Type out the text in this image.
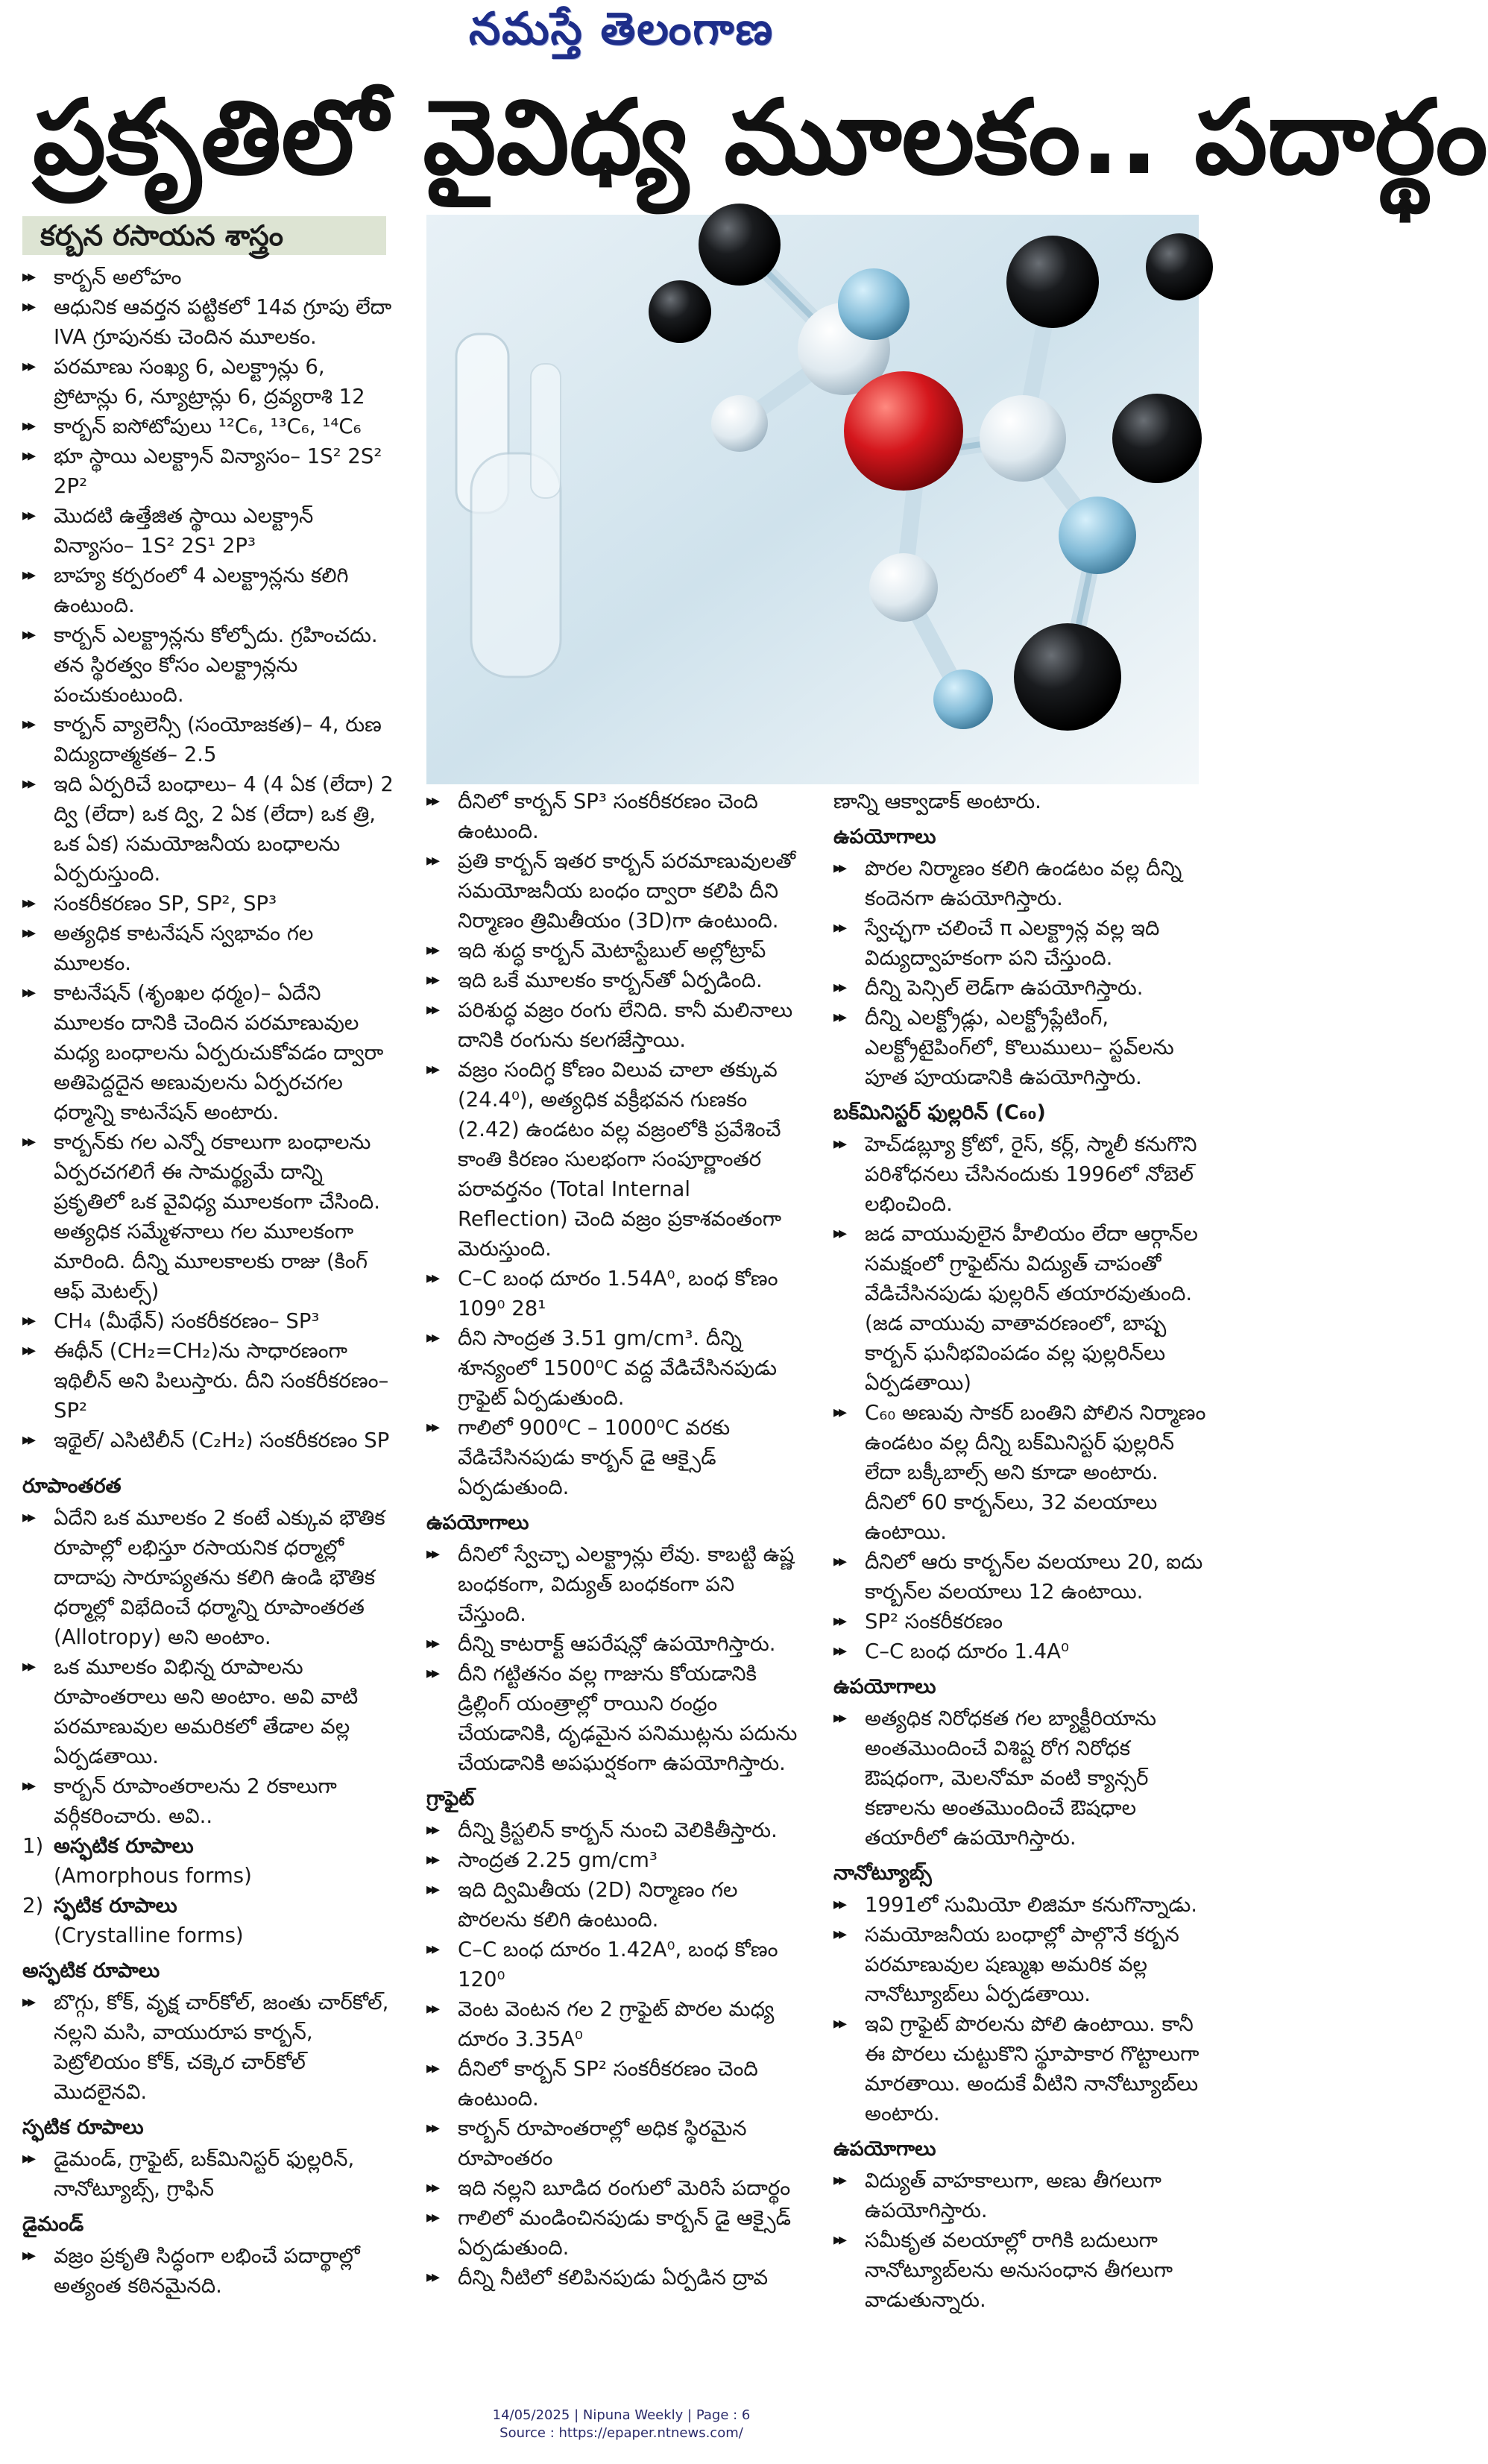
నమస్తే తెలంగాణ
ప్రకృతిలో వైవిధ్య మూలకం.. పదార్థం
కర్బన రసాయన శాస్త్రం
▸▸ కార్బన్ అలోహం
▸▸ ఆధునిక ఆవర్తన పట్టికలో 14వ గ్రూపు లేదా IVA గ్రూపునకు చెందిన మూలకం.
▸▸ పరమాణు సంఖ్య 6, ఎలక్ట్రాన్లు 6, ప్రోటాన్లు 6, న్యూట్రాన్లు 6, ద్రవ్యరాశి 12
▸▸ కార్బన్ ఐసోటోపులు ¹²C₆, ¹³C₆, ¹⁴C₆
▸▸ భూ స్థాయి ఎలక్ట్రాన్ విన్యాసం– 1S² 2S² 2P²
▸▸ మొదటి ఉత్తేజిత స్థాయి ఎలక్ట్రాన్ విన్యాసం– 1S² 2S¹ 2P³
▸▸ బాహ్య కర్పరంలో 4 ఎలక్ట్రాన్లను కలిగి ఉంటుంది.
▸▸ కార్బన్ ఎలక్ట్రాన్లను కోల్పోదు. గ్రహించదు. తన స్థిరత్వం కోసం ఎలక్ట్రాన్లను పంచుకుంటుంది.
▸▸ కార్బన్ వ్యాలెన్సీ (సంయోజకత)– 4, రుణ విద్యుదాత్మకత– 2.5
▸▸ ఇది ఏర్పరిచే బంధాలు– 4 (4 ఏక (లేదా) 2 ద్వి (లేదా) ఒక ద్వి, 2 ఏక (లేదా) ఒక త్రి, ఒక ఏక) సమయోజనీయ బంధాలను ఏర్పరుస్తుంది.
▸▸ సంకరీకరణం SP, SP², SP³
▸▸ అత్యధిక కాటనేషన్ స్వభావం గల మూలకం.
▸▸ కాటనేషన్ (శృంఖల ధర్మం)– ఏదేని మూలకం దానికి చెందిన పరమాణువుల మధ్య బంధాలను ఏర్పరుచుకోవడం ద్వారా అతిపెద్దదైన అణువులను ఏర్పరచగల ధర్మాన్ని కాటనేషన్ అంటారు.
▸▸ కార్బన్‌కు గల ఎన్నో రకాలుగా బంధాలను ఏర్పరచగలిగే ఈ సామర్థ్యమే దాన్ని ప్రకృతిలో ఒక వైవిధ్య మూలకంగా చేసింది. అత్యధిక సమ్మేళనాలు గల మూలకంగా మారింది. దీన్ని మూలకాలకు రాజు (కింగ్ ఆఫ్ మెటల్స్)
▸▸ CH₄ (మీథేన్) సంకరీకరణం– SP³
▸▸ ఈథీన్ (CH₂=CH₂)ను సాధారణంగా ఇథిలీన్ అని పిలుస్తారు. దీని సంకరీకరణం– SP²
▸▸ ఇథైల్/ ఎసిటిలీన్ (C₂H₂) సంకరీకరణం SP
రూపాంతరత
▸▸ ఏదేని ఒక మూలకం 2 కంటే ఎక్కువ భౌతిక రూపాల్లో లభిస్తూ రసాయనిక ధర్మాల్లో దాదాపు సారూప్యతను కలిగి ఉండి భౌతిక ధర్మాల్లో విభేదించే ధర్మాన్ని రూపాంతరత (Allotropy) అని అంటాం.
▸▸ ఒక మూలకం విభిన్న రూపాలను రూపాంతరాలు అని అంటాం. అవి వాటి పరమాణువుల అమరికలో తేడాల వల్ల ఏర్పడతాయి.
▸▸ కార్బన్ రూపాంతరాలను 2 రకాలుగా వర్గీకరించారు. అవి..
1) అస్ఫటిక రూపాలు
(Amorphous forms)
2) స్ఫటిక రూపాలు
(Crystalline forms)
అస్ఫటిక రూపాలు
▸▸ బొగ్గు, కోక్, వృక్ష చార్‌కోల్, జంతు చార్‌కోల్, నల్లని మసి, వాయురూప కార్బన్, పెట్రోలియం కోక్, చక్కెర చార్‌కోల్ మొదలైనవి.
స్ఫటిక రూపాలు
▸▸ డైమండ్, గ్రాఫైట్, బక్‌మినిస్టర్ ఫుల్లరిన్, నానోట్యూబ్స్, గ్రాఫిన్
డైమండ్
▸▸ వజ్రం ప్రకృతి సిద్ధంగా లభించే పదార్థాల్లో అత్యంత కఠినమైనది.
▸▸ దీనిలో కార్బన్ SP³ సంకరీకరణం చెంది ఉంటుంది.
▸▸ ప్రతి కార్బన్ ఇతర కార్బన్ పరమాణువులతో సమయోజనీయ బంధం ద్వారా కలిపి దీని నిర్మాణం త్రిమితీయం (3D)గా ఉంటుంది.
▸▸ ఇది శుద్ధ కార్బన్ మెటాస్టేబుల్ అల్లోట్రాప్
▸▸ ఇది ఒకే మూలకం కార్బన్‌తో ఏర్పడింది.
▸▸ పరిశుద్ధ వజ్రం రంగు లేనిది. కానీ మలినాలు దానికి రంగును కలగజేస్తాయి.
▸▸ వజ్రం సందిగ్ధ కోణం విలువ చాలా తక్కువ (24.4⁰), అత్యధిక వక్రీభవన గుణకం (2.42) ఉండటం వల్ల వజ్రంలోకి ప్రవేశించే కాంతి కిరణం సులభంగా సంపూర్ణాంతర పరావర్తనం (Total Internal Reflection) చెంది వజ్రం ప్రకాశవంతంగా మెరుస్తుంది.
▸▸ C–C బంధ దూరం 1.54A⁰, బంధ కోణం 109⁰ 28¹
▸▸ దీని సాంద్రత 3.51 gm/cm³. దీన్ని శూన్యంలో 1500⁰C వద్ద వేడిచేసినపుడు గ్రాఫైట్ ఏర్పడుతుంది.
▸▸ గాలిలో 900⁰C – 1000⁰C వరకు వేడిచేసినపుడు కార్బన్ డై ఆక్సైడ్ ఏర్పడుతుంది.
ఉపయోగాలు
▸▸ దీనిలో స్వేచ్ఛా ఎలక్ట్రాన్లు లేవు. కాబట్టి ఉష్ణ బంధకంగా, విద్యుత్ బంధకంగా పని చేస్తుంది.
▸▸ దీన్ని కాటరాక్ట్ ఆపరేషన్లో ఉపయోగిస్తారు.
▸▸ దీని గట్టితనం వల్ల గాజును కోయడానికి డ్రిల్లింగ్ యంత్రాల్లో రాయిని రంధ్రం చేయడానికి, దృఢమైన పనిముట్లను పదును చేయడానికి అపఘర్షకంగా ఉపయోగిస్తారు.
గ్రాఫైట్
▸▸ దీన్ని క్రిస్టలిన్ కార్బన్ నుంచి వెలికితీస్తారు.
▸▸ సాంద్రత 2.25 gm/cm³
▸▸ ఇది ద్విమితీయ (2D) నిర్మాణం గల పొరలను కలిగి ఉంటుంది.
▸▸ C–C బంధ దూరం 1.42A⁰, బంధ కోణం 120⁰
▸▸ వెంట వెంటన గల 2 గ్రాఫైట్ పొరల మధ్య దూరం 3.35A⁰
▸▸ దీనిలో కార్బన్ SP² సంకరీకరణం చెంది ఉంటుంది.
▸▸ కార్బన్ రూపాంతరాల్లో అధిక స్థిరమైన రూపాంతరం
▸▸ ఇది నల్లని బూడిద రంగులో మెరిసే పదార్థం
▸▸ గాలిలో మండించినపుడు కార్బన్ డై ఆక్సైడ్ ఏర్పడుతుంది.
▸▸ దీన్ని నీటిలో కలిపినపుడు ఏర్పడిన ద్రావ
ణాన్ని ఆక్వాడాక్ అంటారు.
ఉపయోగాలు
▸▸ పొరల నిర్మాణం కలిగి ఉండటం వల్ల దీన్ని కందెనగా ఉపయోగిస్తారు.
▸▸ స్వేచ్ఛగా చలించే π ఎలక్ట్రాన్ల వల్ల ఇది విద్యుద్వాహకంగా పని చేస్తుంది.
▸▸ దీన్ని పెన్సిల్ లెడ్‌గా ఉపయోగిస్తారు.
▸▸ దీన్ని ఎలక్ట్రోడ్లు, ఎలక్ట్రోప్లేటింగ్, ఎలక్ట్రోటైపింగ్‌లో, కొలుములు– స్టవ్‌లను పూత పూయడానికి ఉపయోగిస్తారు.
బక్‌మినిస్టర్ ఫుల్లరిన్ (C₆₀)
▸▸ హెచ్‌డబ్ల్యూ క్రోటో, రైస్, కర్ల్, స్మాలీ కనుగొని పరిశోధనలు చేసినందుకు 1996లో నోబెల్ లభించింది.
▸▸ జడ వాయువులైన హీలియం లేదా ఆర్గాన్‌ల సమక్షంలో గ్రాఫైట్‌ను విద్యుత్ చాపంతో వేడిచేసినపుడు ఫుల్లరిన్ తయారవుతుంది. (జడ వాయువు వాతావరణంలో, బాష్ప కార్బన్ ఘనీభవింపడం వల్ల ఫుల్లరిన్‌లు ఏర్పడతాయి)
▸▸ C₆₀ అణువు సాకర్ బంతిని పోలిన నిర్మాణం ఉండటం వల్ల దీన్ని బక్‌మినిస్టర్ ఫుల్లరిన్ లేదా బక్కీబాల్స్ అని కూడా అంటారు. దీనిలో 60 కార్బన్‌లు, 32 వలయాలు ఉంటాయి.
▸▸ దీనిలో ఆరు కార్బన్‌ల వలయాలు 20, ఐదు కార్బన్‌ల వలయాలు 12 ఉంటాయి.
▸▸ SP² సంకరీకరణం
▸▸ C–C బంధ దూరం 1.4A⁰
ఉపయోగాలు
▸▸ అత్యధిక నిరోధకత గల బ్యాక్టీరియాను అంతమొందించే విశిష్ట రోగ నిరోధక ఔషధంగా, మెలనోమా వంటి క్యాన్సర్ కణాలను అంతమొందించే ఔషధాల తయారీలో ఉపయోగిస్తారు.
నానోట్యూబ్స్
▸▸ 1991లో సుమియో లిజిమా కనుగొన్నాడు.
▸▸ సమయోజనీయ బంధాల్లో పాల్గొనే కర్బన పరమాణువుల షణ్ముఖ అమరిక వల్ల నానోట్యూబ్‌లు ఏర్పడతాయి.
▸▸ ఇవి గ్రాఫైట్ పొరలను పోలి ఉంటాయి. కానీ ఈ పొరలు చుట్టుకొని స్థూపాకార గొట్టాలుగా మారతాయి. అందుకే వీటిని నానోట్యూబ్‌లు అంటారు.
ఉపయోగాలు
▸▸ విద్యుత్ వాహకాలుగా, అణు తీగలుగా ఉపయోగిస్తారు.
▸▸ సమీకృత వలయాల్లో రాగికి బదులుగా నానోట్యూబ్‌లను అనుసంధాన తీగలుగా వాడుతున్నారు.
14/05/2025 | Nipuna Weekly | Page : 6
Source : https://epaper.ntnews.com/
